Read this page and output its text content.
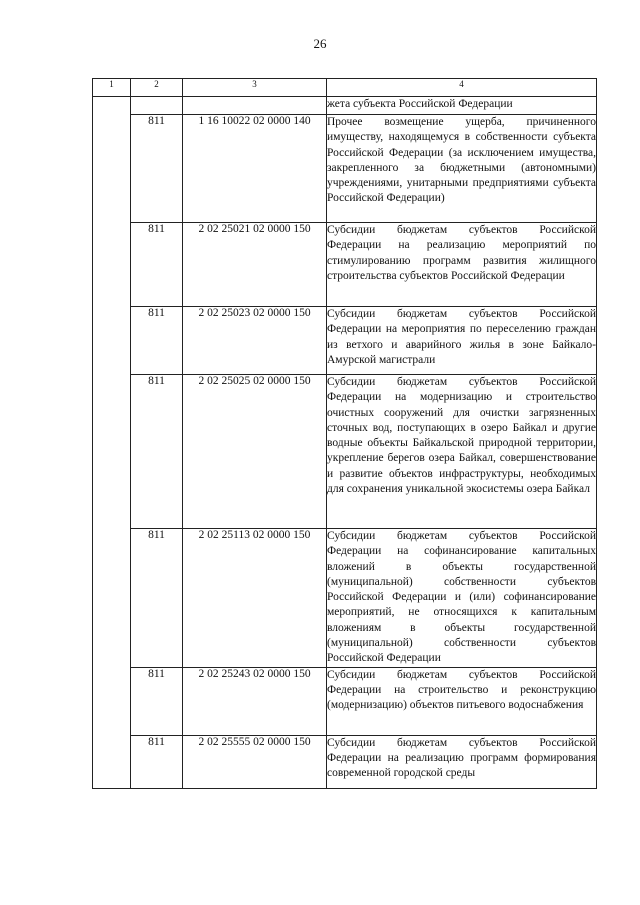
26
1	2	3	4
			жета субъекта Российской Федерации
	811	1 16 10022 02 0000 140	Прочее возмещение ущерба, причиненного имуществу, находящемуся в собственности субъекта Российской Федерации (за исключением имущества, закрепленного за бюджетными (автономными) учреждениями, унитарными предприятиями субъекта Российской Федерации)
	811	2 02 25021 02 0000 150	Субсидии бюджетам субъектов Российской Федерации на реализацию мероприятий по стимулированию программ развития жилищного строительства субъектов Российской Федерации
	811	2 02 25023 02 0000 150	Субсидии бюджетам субъектов Российской Федерации на мероприятия по переселению граждан из ветхого и аварийного жилья в зоне Байкало-Амурской магистрали
	811	2 02 25025 02 0000 150	Субсидии бюджетам субъектов Российской Федерации на модернизацию и строительство очистных сооружений для очистки загрязненных сточных вод, поступающих в озеро Байкал и другие водные объекты Байкальской природной территории, укрепление берегов озера Байкал, совершенствование и развитие объектов инфраструктуры, необходимых для сохранения уникальной экосистемы озера Байкал
	811	2 02 25113 02 0000 150	Субсидии бюджетам субъектов Российской Федерации на софинансирование капитальных вложений в объекты государственной (муниципальной) собственности субъектов Российской Федерации и (или) софинансирование мероприятий, не относящихся к капитальным вложениям в объекты государственной (муниципальной) собственности субъектов Российской Федерации
	811	2 02 25243 02 0000 150	Субсидии бюджетам субъектов Российской Федерации на строительство и реконструкцию (модернизацию) объектов питьевого водоснабжения
	811	2 02 25555 02 0000 150	Субсидии бюджетам субъектов Российской Федерации на реализацию программ формирования современной городской среды
